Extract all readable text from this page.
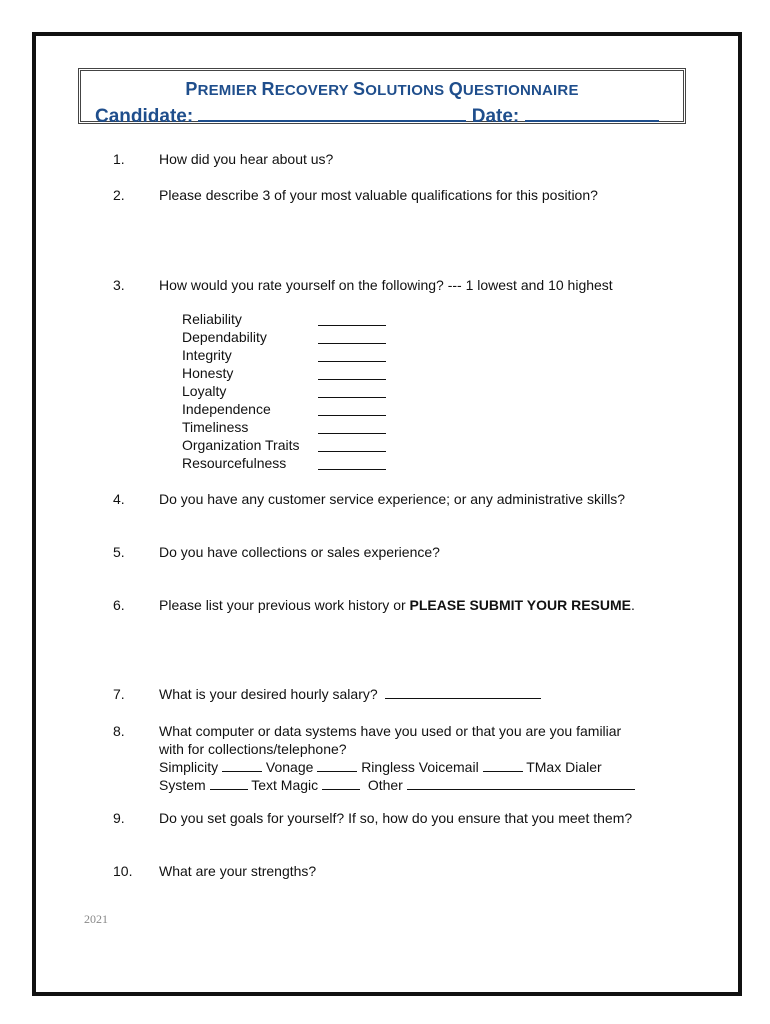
PREMIER RECOVERY SOLUTIONS QUESTIONNAIRE
Candidate:	Date:
1. How did you hear about us?
2. Please describe 3 of your most valuable qualifications for this position?
3. How would you rate yourself on the following? --- 1 lowest and 10 highest
Reliability
Dependability
Integrity
Honesty
Loyalty
Independence
Timeliness
Organization Traits
Resourcefulness
4. Do you have any customer service experience; or any administrative skills?
5. Do you have collections or sales experience?
6. Please list your previous work history or PLEASE SUBMIT YOUR RESUME.
7. What is your desired hourly salary?
8. What computer or data systems have you used or that you are you familiar
with for collections/telephone?
Simplicity	Vonage	Ringless Voicemail	TMax Dialer
System	Text Magic	Other
9. Do you set goals for yourself? If so, how do you ensure that you meet them?
10. What are your strengths?
2021
